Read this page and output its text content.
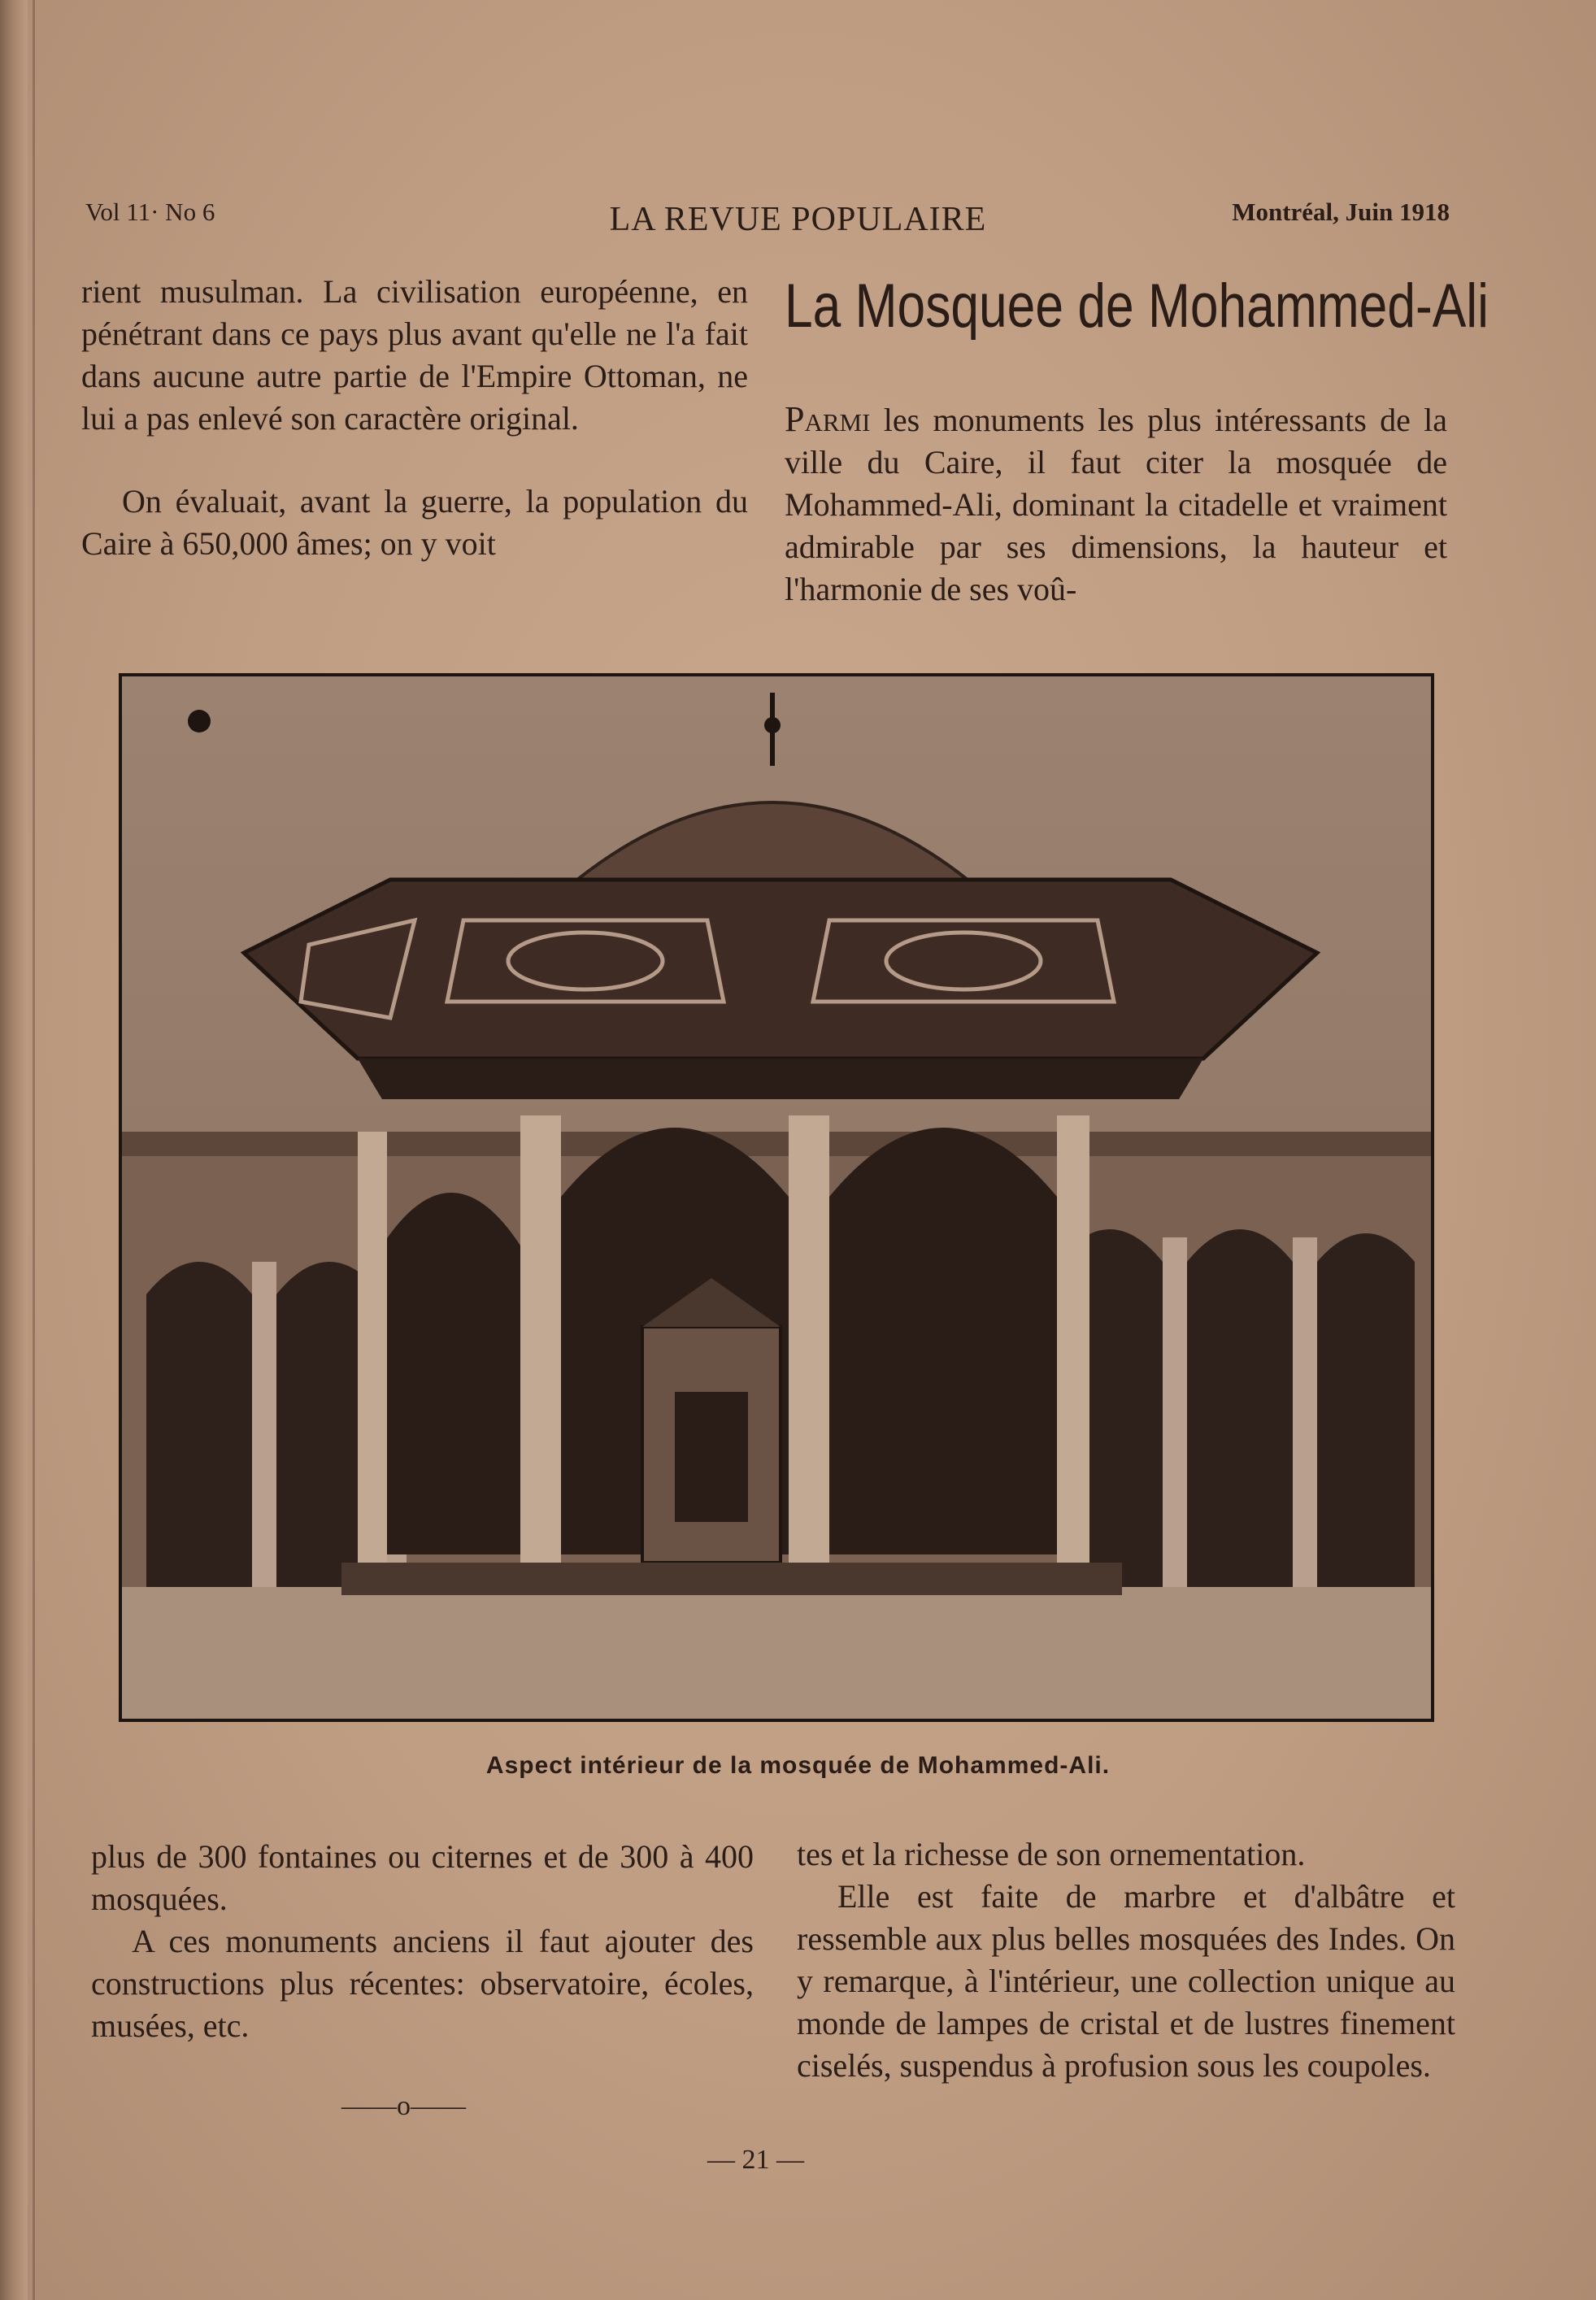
Vol 11· No 6	LA REVUE POPULAIRE	Montréal, Juin 1918

rient musulman. La civilisation européenne, en pénétrant dans ce pays plus avant qu'elle ne l'a fait dans aucune autre partie de l'Empire Ottoman, ne lui a pas enlevé son caractère original.

On évaluait, avant la guerre, la population du Caire à 650,000 âmes; on y voit

La Mosquee de Mohammed-Ali

Parmi les monuments les plus intéressants de la ville du Caire, il faut citer la mosquée de Mohammed-Ali, dominant la citadelle et vraiment admirable par ses dimensions, la hauteur et l'harmonie de ses voû-

Aspect intérieur de la mosquée de Mohammed-Ali.

plus de 300 fontaines ou citernes et de 300 à 400 mosquées.

A ces monuments anciens il faut ajouter des constructions plus récentes: observatoire, écoles, musées, etc.

tes et la richesse de son ornementation.

Elle est faite de marbre et d'albâtre et ressemble aux plus belles mosquées des Indes. On y remarque, à l'intérieur, une collection unique au monde de lampes de cristal et de lustres finement ciselés, suspendus à profusion sous les coupoles.

——o——
— 21 —
